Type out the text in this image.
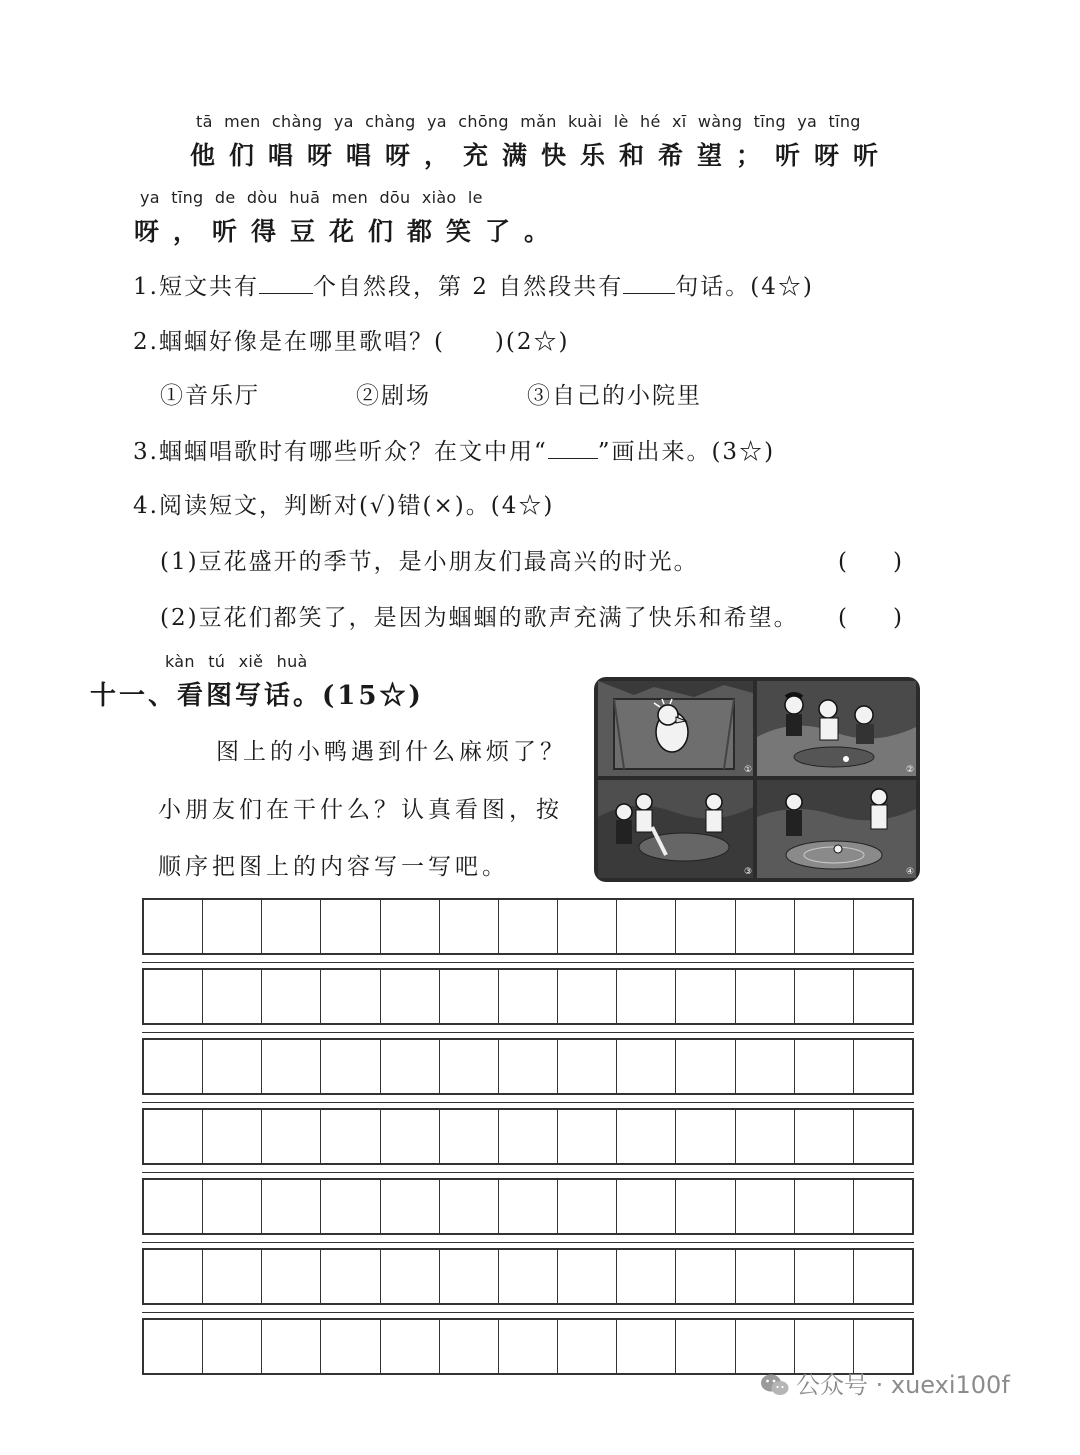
tā men chàng ya chàng ya chōng mǎn kuài lè hé xī wàng tīng ya tīng
他们唱呀唱呀，充满快乐和希望；听呀听
ya tīng de dòu huā men dōu xiào le
呀，听得豆花们都笑了。
1.短文共有 个自然段，第 2 自然段共有 句话。(4☆)
2.蝈蝈好像是在哪里歌唱？(　　)(2☆)
①音乐厅	②剧场	③自己的小院里
3.蝈蝈唱歌时有哪些听众？在文中用“ ”画出来。(3☆)
4.阅读短文，判断对(√)错(×)。(4☆)
(1)豆花盛开的季节，是小朋友们最高兴的时光。	(　　)
(2)豆花们都笑了，是因为蝈蝈的歌声充满了快乐和希望。 (　　)
kàn tú xiě huà
十一、看图写话。(15☆)
图上的小鸭遇到什么麻烦了？
小朋友们在干什么？认真看图，按
顺序把图上的内容写一写吧。
①	②
③	④
公众号 · xuexi100f
